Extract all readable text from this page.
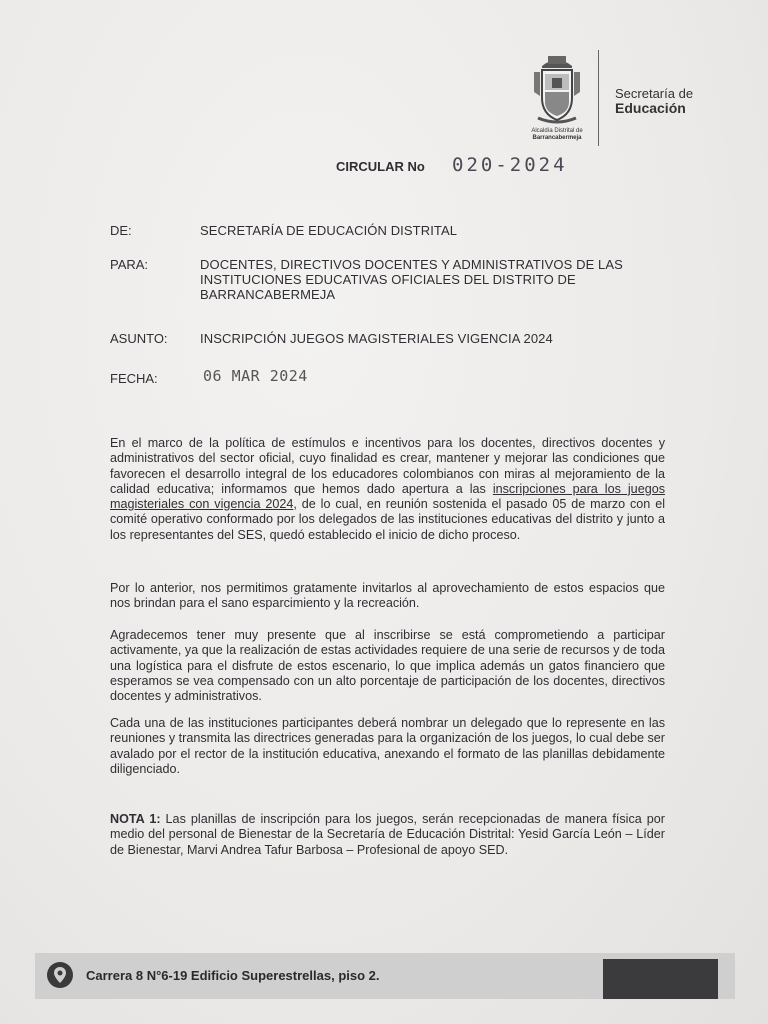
Alcaldía Distrital de
Barrancabermeja
Secretaría de
Educación
CIRCULAR No 020-2024
DE:	SECRETARÍA DE EDUCACIÓN DISTRITAL
PARA:	DOCENTES, DIRECTIVOS DOCENTES Y ADMINISTRATIVOS DE LAS INSTITUCIONES EDUCATIVAS OFICIALES DEL DISTRITO DE BARRANCABERMEJA
ASUNTO: INSCRIPCIÓN JUEGOS MAGISTERIALES VIGENCIA 2024
FECHA:	06 MAR 2024
En el marco de la política de estímulos e incentivos para los docentes, directivos docentes y administrativos del sector oficial, cuyo finalidad es crear, mantener y mejorar las condiciones que favorecen el desarrollo integral de los educadores colombianos con miras al mejoramiento de la calidad educativa; informamos que hemos dado apertura a las inscripciones para los juegos magisteriales con vigencia 2024, de lo cual, en reunión sostenida el pasado 05 de marzo con el comité operativo conformado por los delegados de las instituciones educativas del distrito y junto a los representantes del SES, quedó establecido el inicio de dicho proceso.
Por lo anterior, nos permitimos gratamente invitarlos al aprovechamiento de estos espacios que nos brindan para el sano esparcimiento y la recreación.
Agradecemos tener muy presente que al inscribirse se está comprometiendo a participar activamente, ya que la realización de estas actividades requiere de una serie de recursos y de toda una logística para el disfrute de estos escenario, lo que implica además un gatos financiero que esperamos se vea compensado con un alto porcentaje de participación de los docentes, directivos docentes y administrativos.
Cada una de las instituciones participantes deberá nombrar un delegado que lo represente en las reuniones y transmita las directrices generadas para la organización de los juegos, lo cual debe ser avalado por el rector de la institución educativa, anexando el formato de las planillas debidamente diligenciado.
NOTA 1: Las planillas de inscripción para los juegos, serán recepcionadas de manera física por medio del personal de Bienestar de la Secretaría de Educación Distrital: Yesid García León – Líder de Bienestar, Marvi Andrea Tafur Barbosa – Profesional de apoyo SED.
Carrera 8 N°6-19 Edificio Superestrellas, piso 2.
